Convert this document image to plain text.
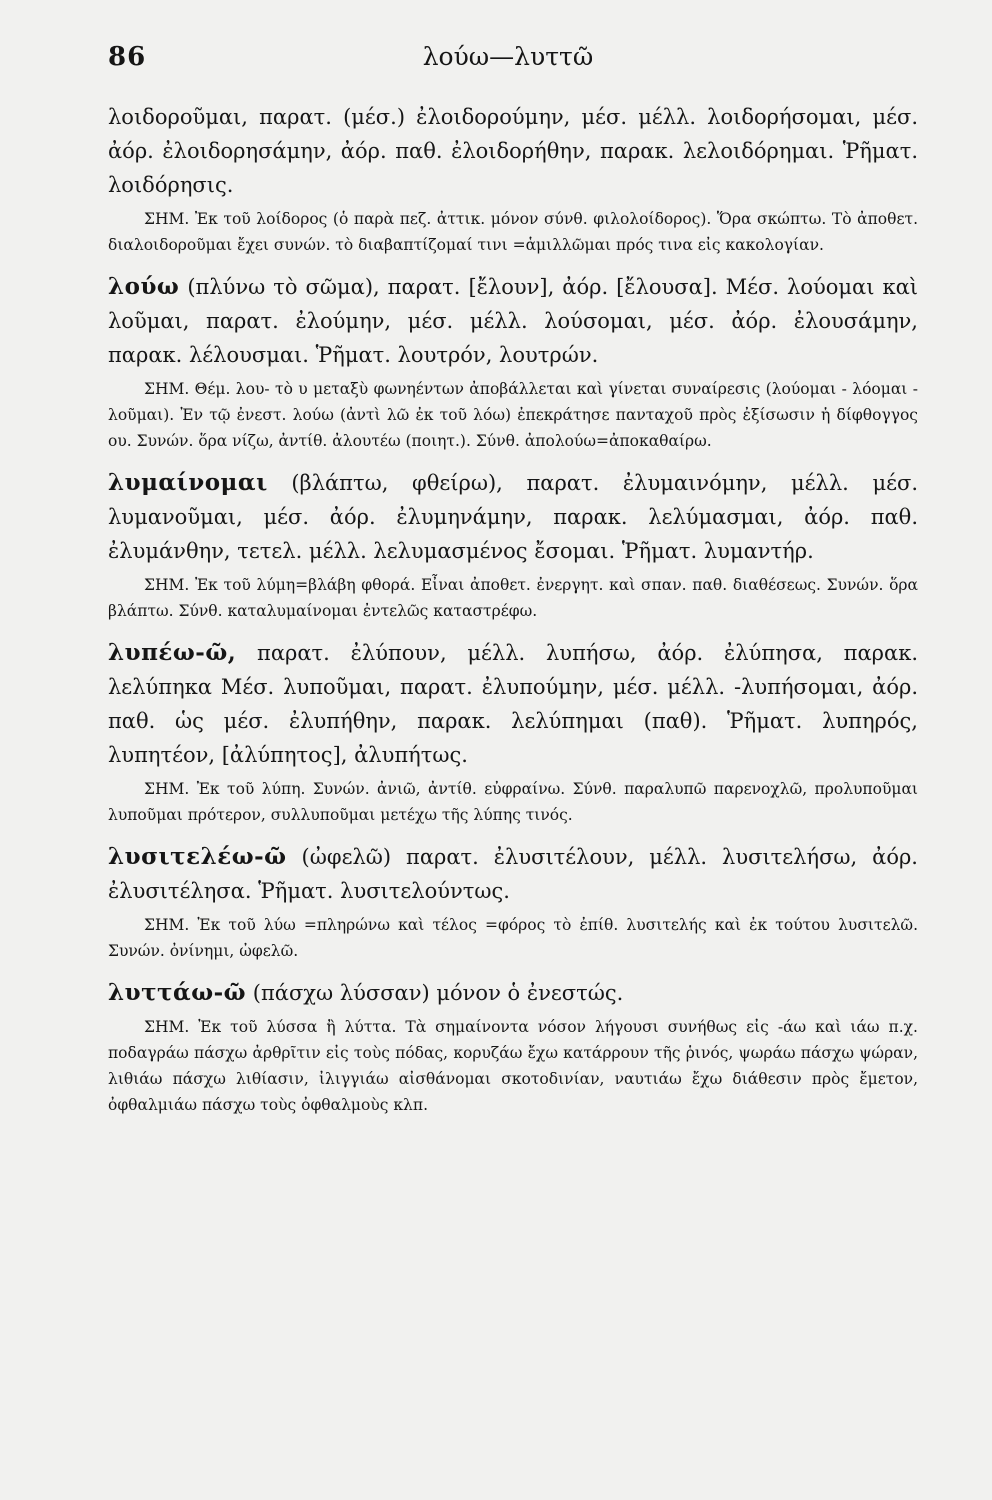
86	λούω—λυττῶ

λοιδοροῦμαι, παρατ. (μέσ.) ἐλοιδορούμην, μέσ. μέλλ. λοιδορήσομαι, μέσ. ἀόρ. ἐλοιδορησάμην, ἀόρ. παθ. ἐλοιδορήθην, παρακ. λελοιδόρημαι. Ῥῆματ. λοιδόρησις.

ΣΗΜ. Ἐκ τοῦ λοίδορος (ὁ παρὰ πεζ. ἀττικ. μόνον σύνθ. φιλολοίδορος). Ὅρα σκώπτω. Τὸ ἀποθετ. διαλοιδοροῦμαι ἔχει συνών. τὸ διαβαπτίζομαί τινι =ἁμιλλῶμαι πρός τινα εἰς κακολογίαν.

λούω (πλύνω τὸ σῶμα), παρατ. [ἔλουν], ἀόρ. [ἔλουσα]. Μέσ. λούομαι καὶ λοῦμαι, παρατ. ἐλούμην, μέσ. μέλλ. λούσομαι, μέσ. ἀόρ. ἐλουσάμην, παρακ. λέλουσμαι. Ῥῆματ. λουτρόν, λουτρών.

ΣΗΜ. Θέμ. λου- τὸ υ μεταξὺ φωνηέντων ἀποβάλλεται καὶ γίνεται συναίρεσις (λούομαι - λόομαι - λοῦμαι). Ἐν τῷ ἐνεστ. λούω (ἀντὶ λῶ ἐκ τοῦ λόω) ἐπεκράτησε πανταχοῦ πρὸς ἐξίσωσιν ἡ δίφθογγος ου. Συνών. ὅρα νίζω, ἀντίθ. ἀλουτέω (ποιητ.). Σύνθ. ἀπολούω=ἀποκαθαίρω.

λυμαίνομαι (βλάπτω, φθείρω), παρατ. ἐλυμαινόμην, μέλλ. μέσ. λυμανοῦμαι, μέσ. ἀόρ. ἐλυμηνάμην, παρακ. λελύμασμαι, ἀόρ. παθ. ἐλυμάνθην, τετελ. μέλλ. λελυμασμένος ἔσομαι. Ῥῆματ. λυμαντήρ.

ΣΗΜ. Ἐκ τοῦ λύμη=βλάβη φθορά. Εἶναι ἀποθετ. ἐνεργητ. καὶ σπαν. παθ. διαθέσεως. Συνών. ὅρα βλάπτω. Σύνθ. καταλυμαίνομαι ἐντελῶς καταστρέφω.

λυπέω-ῶ, παρατ. ἐλύπουν, μέλλ. λυπήσω, ἀόρ. ἐλύπησα, παρακ. λελύπηκα Μέσ. λυποῦμαι, παρατ. ἐλυπούμην, μέσ. μέλλ. -λυπήσομαι, ἀόρ. παθ. ὡς μέσ. ἐλυπήθην, παρακ. λελύπημαι (παθ). Ῥῆματ. λυπηρός, λυπητέον, [ἀλύπητος], ἀλυπήτως.

ΣΗΜ. Ἐκ τοῦ λύπη. Συνών. ἀνιῶ, ἀντίθ. εὐφραίνω. Σύνθ. παραλυπῶ παρενοχλῶ, προλυποῦμαι λυποῦμαι πρότερον, συλλυποῦμαι μετέχω τῆς λύπης τινός.

λυσιτελέω-ῶ (ὠφελῶ) παρατ. ἐλυσιτέλουν, μέλλ. λυσιτελήσω, ἀόρ. ἐλυσιτέλησα. Ῥῆματ. λυσιτελούντως.

ΣΗΜ. Ἐκ τοῦ λύω =πληρώνω καὶ τέλος =φόρος τὸ ἐπίθ. λυσιτελής καὶ ἐκ τούτου λυσιτελῶ. Συνών. ὀνίνημι, ὠφελῶ.

λυττάω-ῶ (πάσχω λύσσαν) μόνον ὁ ἐνεστώς.

ΣΗΜ. Ἐκ τοῦ λύσσα ἢ λύττα. Τὰ σημαίνοντα νόσον λήγουσι συνήθως εἰς -άω καὶ ιάω π.χ. ποδαγράω πάσχω ἀρθρῖτιν εἰς τοὺς πόδας, κορυζάω ἔχω κατάρρουν τῆς ῥινός, ψωράω πάσχω ψώραν, λιθιάω πάσχω λιθίασιν, ἰλιγγιάω αἰσθάνομαι σκοτοδινίαν, ναυτιάω ἔχω διάθεσιν πρὸς ἔμετον, ὀφθαλμιάω πάσχω τοὺς ὀφθαλμοὺς κλπ.
